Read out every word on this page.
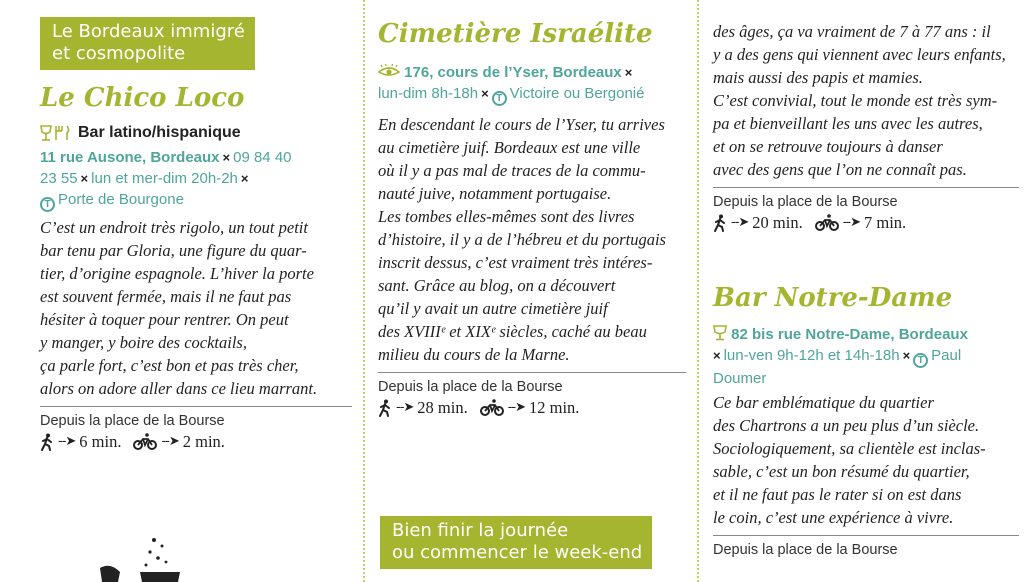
Le Bordeaux immigré
et cosmopolite
Le Chico Loco
Bar latino/hispanique
11 rue Ausone, Bordeaux × 09 84 40
23 55 × lun et mer-dim 20h-2h ×
T Porte de Bourgone

C’est un endroit très rigolo, un tout petit

bar tenu par Gloria, une figure du quar-

tier, d’origine espagnole. L’hiver la porte

est souvent fermée, mais il ne faut pas

hésiter à toquer pour rentrer. On peut

y manger, y boire des cocktails,

ça parle fort, c’est bon et pas très cher,

alors on adore aller dans ce lieu marrant.

Depuis la place de la Bourse
--➤ 6 min.	--➤ 2 min.
Cimetière Israélite
176, cours de l’Yser, Bordeaux ×
lun-dim 8h-18h × T Victoire ou Bergonié

En descendant le cours de l’Yser, tu arrives

au cimetière juif. Bordeaux est une ville

où il y a pas mal de traces de la commu-

nauté juive, notamment portugaise.

Les tombes elles-mêmes sont des livres

d’histoire, il y a de l’hébreu et du portugais

inscrit dessus, c’est vraiment très intéres-

sant. Grâce au blog, on a découvert

qu’il y avait un autre cimetière juif

des XVIIIᵉ et XIXᵉ siècles, caché au beau

milieu du cours de la Marne.

Depuis la place de la Bourse
--➤ 28 min.	--➤ 12 min.
Bien finir la journée
ou commencer le week-end

des âges, ça va vraiment de 7 à 77 ans : il

y a des gens qui viennent avec leurs enfants,

mais aussi des papis et mamies.

C’est convivial, tout le monde est très sym-

pa et bienveillant les uns avec les autres,

et on se retrouve toujours à danser

avec des gens que l’on ne connaît pas.

Depuis la place de la Bourse
--➤ 20 min.	--➤ 7 min.
Bar Notre-Dame
82 bis rue Notre-Dame, Bordeaux
× lun-ven 9h-12h et 14h-18h × T Paul
Doumer

Ce bar emblématique du quartier

des Chartrons a un peu plus d’un siècle.

Sociologiquement, sa clientèle est inclas-

sable, c’est un bon résumé du quartier,

et il ne faut pas le rater si on est dans

le coin, c’est une expérience à vivre.

Depuis la place de la Bourse
